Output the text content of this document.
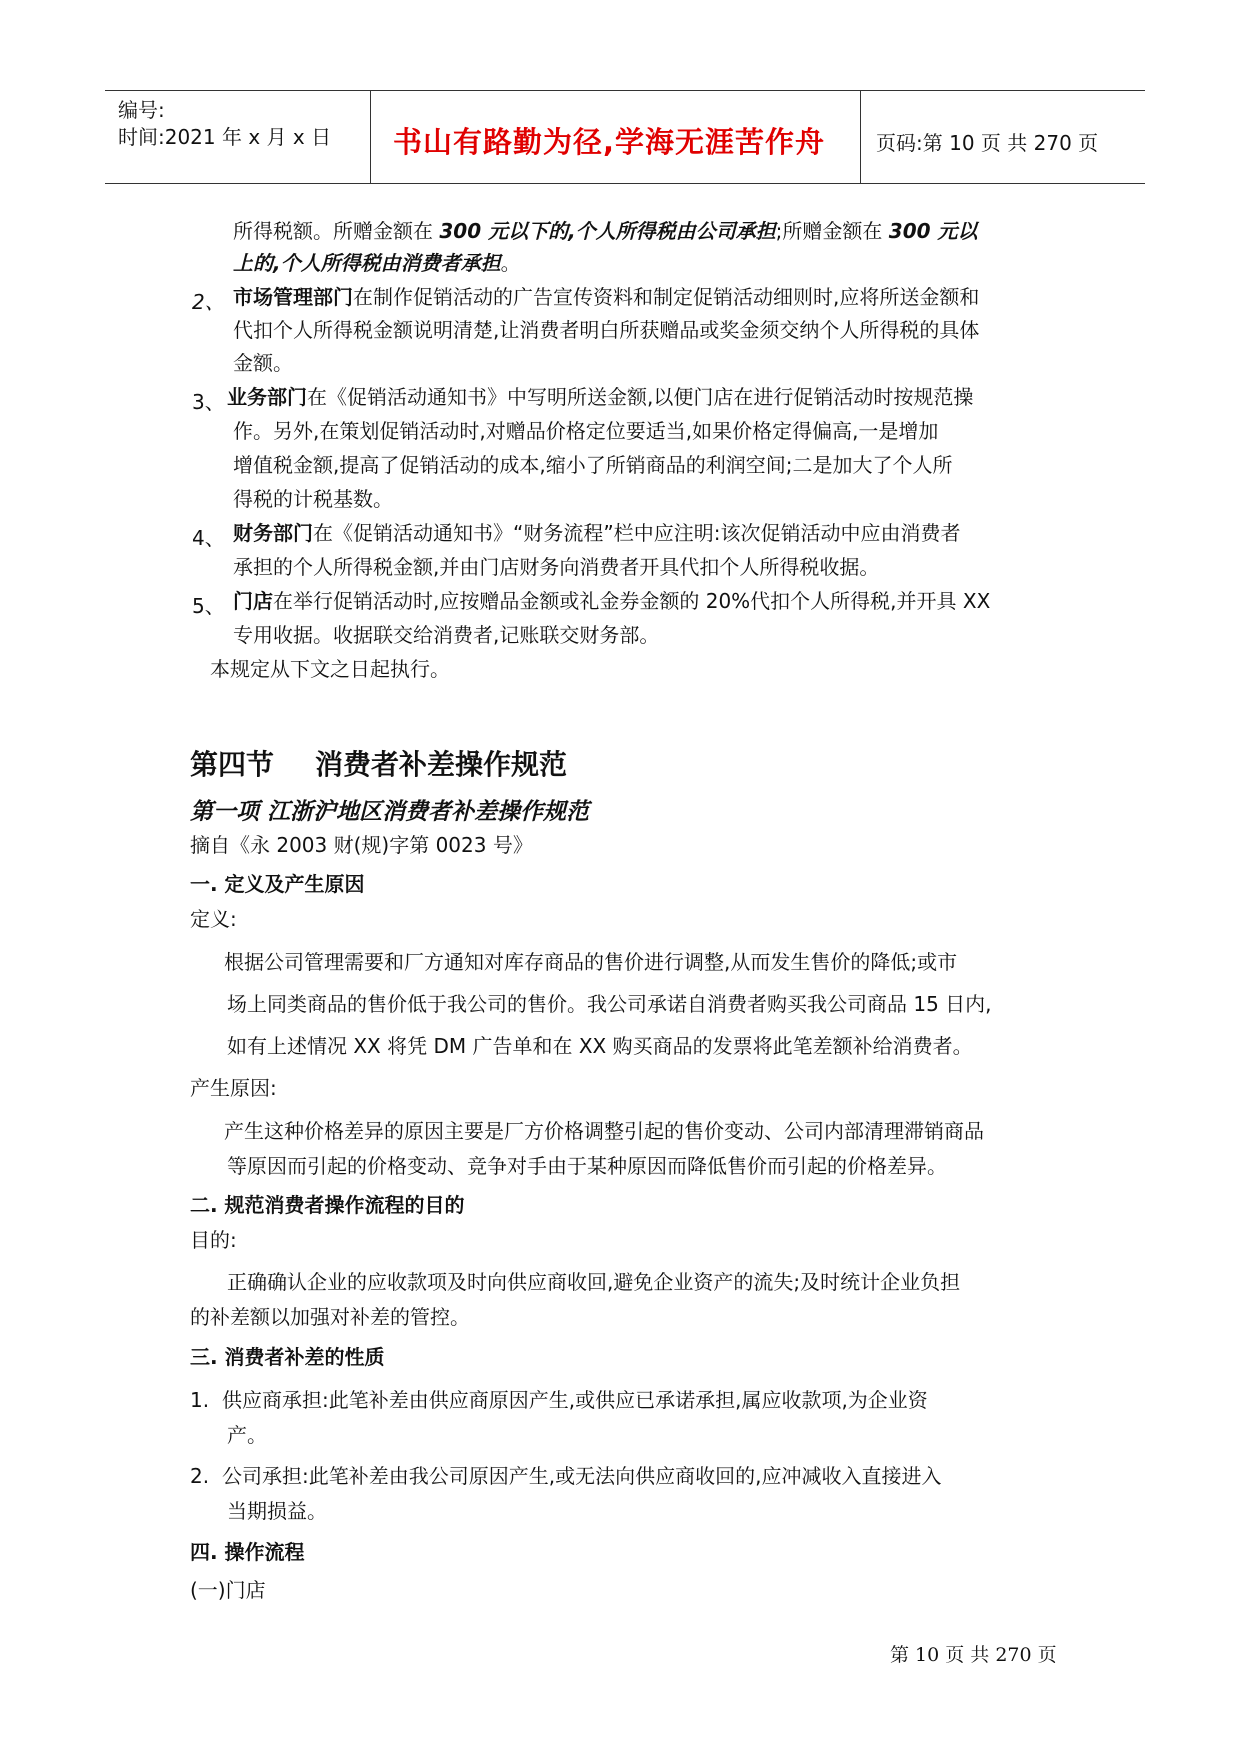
编号:
时间:2021 年 x 月 x 日 书山有路勤为径,学海无涯苦作舟	页码:第 10 页 共 270 页
所得税额。所赠金额在 300 元以下的,个人所得税由公司承担;所赠金额在 300 元以
上的,个人所得税由消费者承担。
2、 市场管理部门在制作促销活动的广告宣传资料和制定促销活动细则时,应将所送金额和
代扣个人所得税金额说明清楚,让消费者明白所获赠品或奖金须交纳个人所得税的具体
金额。
3、 业务部门在《促销活动通知书》中写明所送金额,以便门店在进行促销活动时按规范操
作。另外,在策划促销活动时,对赠品价格定位要适当,如果价格定得偏高,一是增加
增值税金额,提高了促销活动的成本,缩小了所销商品的利润空间;二是加大了个人所
得税的计税基数。
4、 财务部门在《促销活动通知书》“财务流程”栏中应注明:该次促销活动中应由消费者
承担的个人所得税金额,并由门店财务向消费者开具代扣个人所得税收据。
5、 门店在举行促销活动时,应按赠品金额或礼金券金额的 20%代扣个人所得税,并开具 XX
专用收据。收据联交给消费者,记账联交财务部。
本规定从下文之日起执行。
第四节 消费者补差操作规范
第一项 江浙沪地区消费者补差操作规范
摘自《永 2003 财(规)字第 0023 号》
一. 定义及产生原因
定义:
根据公司管理需要和厂方通知对库存商品的售价进行调整,从而发生售价的降低;或市
场上同类商品的售价低于我公司的售价。我公司承诺自消费者购买我公司商品 15 日内,
如有上述情况 XX 将凭 DM 广告单和在 XX 购买商品的发票将此笔差额补给消费者。
产生原因:
产生这种价格差异的原因主要是厂方价格调整引起的售价变动、公司内部清理滞销商品
等原因而引起的价格变动、竞争对手由于某种原因而降低售价而引起的价格差异。
二. 规范消费者操作流程的目的
目的:
正确确认企业的应收款项及时向供应商收回,避免企业资产的流失;及时统计企业负担
的补差额以加强对补差的管控。
三. 消费者补差的性质
1. 供应商承担:此笔补差由供应商原因产生,或供应已承诺承担,属应收款项,为企业资
产。
2. 公司承担:此笔补差由我公司原因产生,或无法向供应商收回的,应冲减收入直接进入
当期损益。
四. 操作流程
(一)门店
第 10 页 共 270 页
